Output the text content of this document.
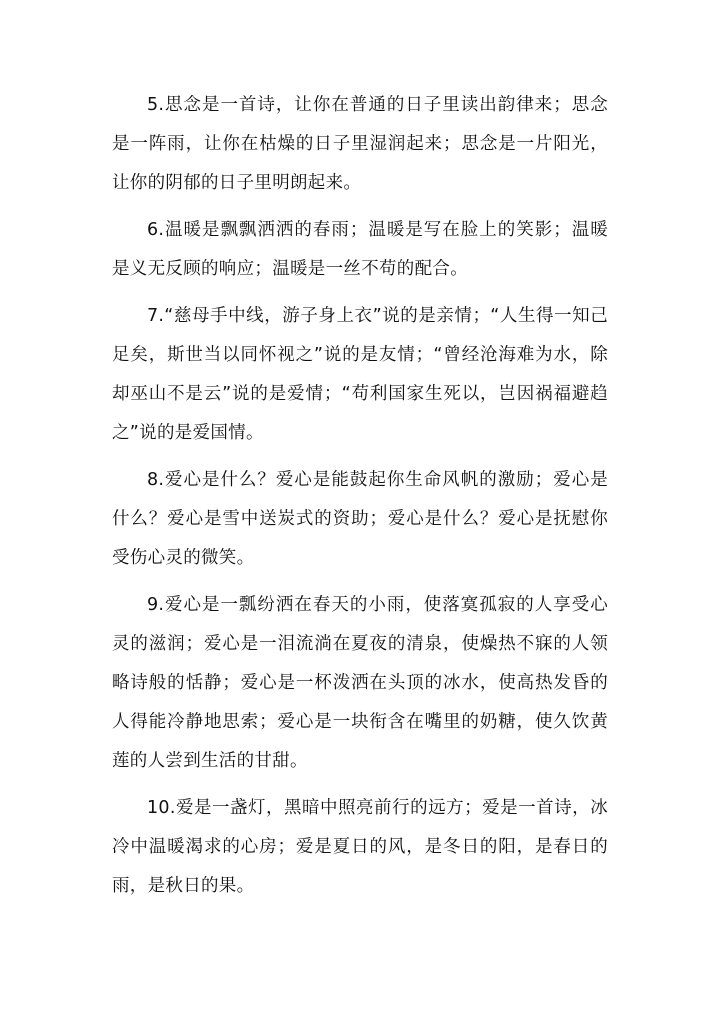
5.思念是一首诗，让你在普通的日子里读出韵律来；思念是一阵雨，让你在枯燥的日子里湿润起来；思念是一片阳光，让你的阴郁的日子里明朗起来。

6.温暖是飘飘洒洒的春雨；温暖是写在脸上的笑影；温暖是义无反顾的响应；温暖是一丝不苟的配合。

7.“慈母手中线，游子身上衣”说的是亲情；“人生得一知己足矣，斯世当以同怀视之”说的是友情；“曾经沧海难为水，除却巫山不是云”说的是爱情；“苟利国家生死以，岂因祸福避趋之”说的是爱国情。

8.爱心是什么？爱心是能鼓起你生命风帆的激励；爱心是什么？爱心是雪中送炭式的资助；爱心是什么？爱心是抚慰你受伤心灵的微笑。

9.爱心是一瓢纷洒在春天的小雨，使落寞孤寂的人享受心灵的滋润；爱心是一泪流淌在夏夜的清泉，使燥热不寐的人领略诗般的恬静；爱心是一杯泼洒在头顶的冰水，使高热发昏的人得能冷静地思索；爱心是一块衔含在嘴里的奶糖，使久饮黄莲的人尝到生活的甘甜。

10.爱是一盏灯，黑暗中照亮前行的远方；爱是一首诗，冰冷中温暖渴求的心房；爱是夏日的风，是冬日的阳，是春日的雨，是秋日的果。
